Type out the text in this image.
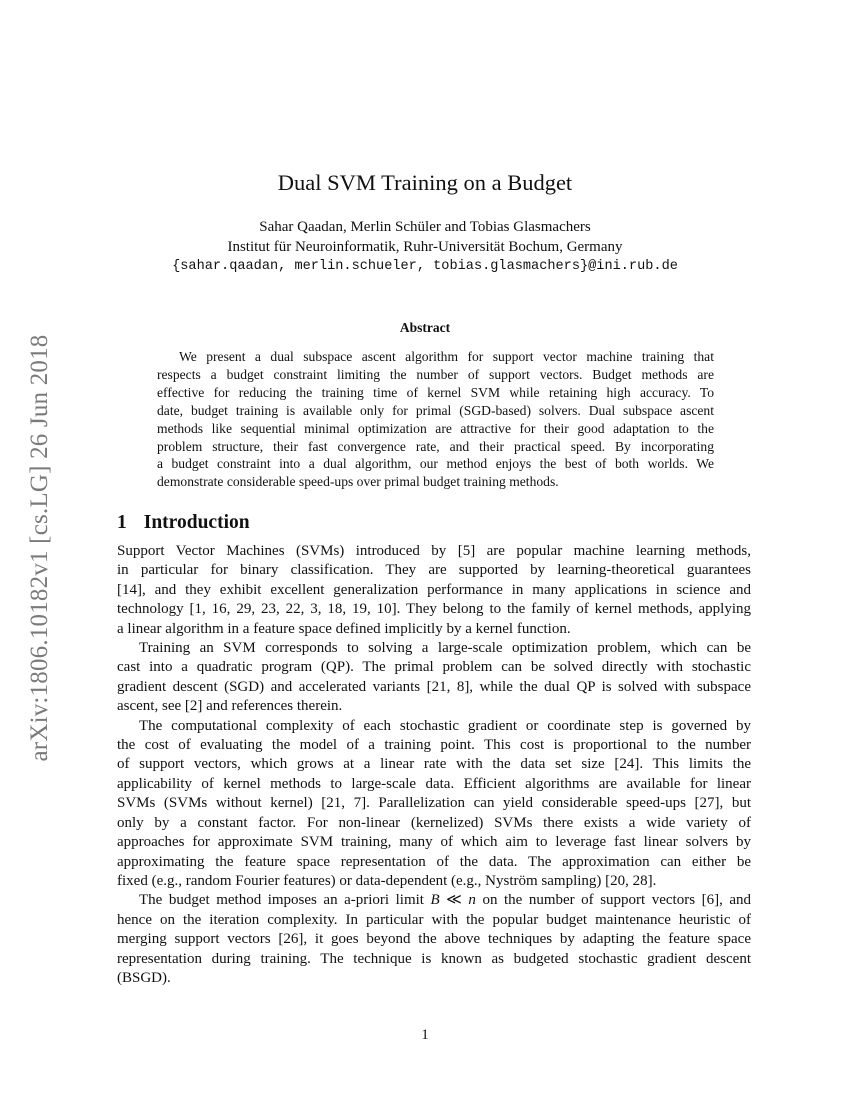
arXiv:1806.10182v1 [cs.LG] 26 Jun 2018
Dual SVM Training on a Budget
Sahar Qaadan, Merlin Schüler and Tobias Glasmachers
Institut für Neuroinformatik, Ruhr-Universität Bochum, Germany
{sahar.qaadan, merlin.schueler, tobias.glasmachers}@ini.rub.de
Abstract
We present a dual subspace ascent algorithm for support vector machine training that
respects a budget constraint limiting the number of support vectors. Budget methods are
effective for reducing the training time of kernel SVM while retaining high accuracy. To
date, budget training is available only for primal (SGD-based) solvers. Dual subspace ascent
methods like sequential minimal optimization are attractive for their good adaptation to the
problem structure, their fast convergence rate, and their practical speed. By incorporating
a budget constraint into a dual algorithm, our method enjoys the best of both worlds. We
demonstrate considerable speed-ups over primal budget training methods.
1 Introduction
Support Vector Machines (SVMs) introduced by [5] are popular machine learning methods,
in particular for binary classification. They are supported by learning-theoretical guarantees
[14], and they exhibit excellent generalization performance in many applications in science and
technology [1, 16, 29, 23, 22, 3, 18, 19, 10]. They belong to the family of kernel methods, applying
a linear algorithm in a feature space defined implicitly by a kernel function.
Training an SVM corresponds to solving a large-scale optimization problem, which can be
cast into a quadratic program (QP). The primal problem can be solved directly with stochastic
gradient descent (SGD) and accelerated variants [21, 8], while the dual QP is solved with subspace
ascent, see [2] and references therein.
The computational complexity of each stochastic gradient or coordinate step is governed by
the cost of evaluating the model of a training point. This cost is proportional to the number
of support vectors, which grows at a linear rate with the data set size [24]. This limits the
applicability of kernel methods to large-scale data. Efficient algorithms are available for linear
SVMs (SVMs without kernel) [21, 7]. Parallelization can yield considerable speed-ups [27], but
only by a constant factor. For non-linear (kernelized) SVMs there exists a wide variety of
approaches for approximate SVM training, many of which aim to leverage fast linear solvers by
approximating the feature space representation of the data. The approximation can either be
fixed (e.g., random Fourier features) or data-dependent (e.g., Nyström sampling) [20, 28].
The budget method imposes an a-priori limit B ≪ n on the number of support vectors [6], and
hence on the iteration complexity. In particular with the popular budget maintenance heuristic of
merging support vectors [26], it goes beyond the above techniques by adapting the feature space
representation during training. The technique is known as budgeted stochastic gradient descent
(BSGD).
1
